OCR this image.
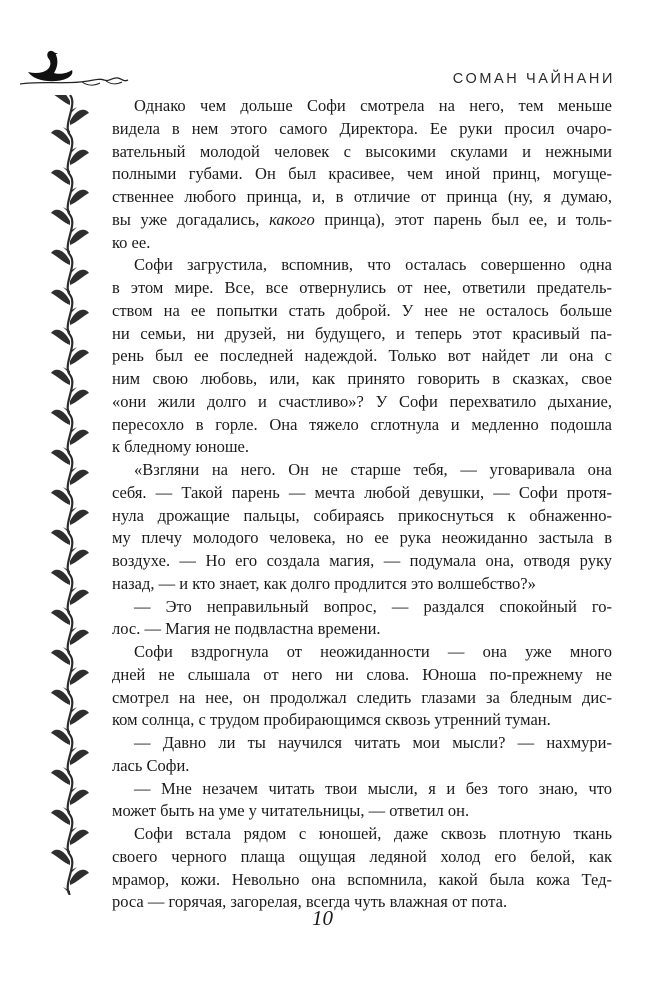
СОМАН ЧАЙНАНИ

Однако чем дольше Софи смотрела на него, тем меньше

видела в нем этого самого Директора. Ее руки просил очаро-

вательный молодой человек с высокими скулами и нежными

полными губами. Он был красивее, чем иной принц, могуще-

ственнее любого принца, и, в отличие от принца (ну, я думаю,

вы уже догадались, какого принца), этот парень был ее, и толь-

ко ее.

Софи загрустила, вспомнив, что осталась совершенно одна

в этом мире. Все, все отвернулись от нее, ответили предатель-

ством на ее попытки стать доброй. У нее не осталось больше

ни семьи, ни друзей, ни будущего, и теперь этот красивый па-

рень был ее последней надеждой. Только вот найдет ли она с

ним свою любовь, или, как принято говорить в сказках, свое

«они жили долго и счастливо»? У Софи перехватило дыхание,

пересохло в горле. Она тяжело сглотнула и медленно подошла

к бледному юноше.

«Взгляни на него. Он не старше тебя, — уговаривала она

себя. — Такой парень — мечта любой девушки, — Софи протя-

нула дрожащие пальцы, собираясь прикоснуться к обнаженно-

му плечу молодого человека, но ее рука неожиданно застыла в

воздухе. — Но его создала магия, — подумала она, отводя руку

назад, — и кто знает, как долго продлится это волшебство?»

— Это неправильный вопрос, — раздался спокойный го-

лос. — Магия не подвластна времени.

Софи вздрогнула от неожиданности — она уже много

дней не слышала от него ни слова. Юноша по-прежнему не

смотрел на нее, он продолжал следить глазами за бледным дис-

ком солнца, с трудом пробирающимся сквозь утренний туман.

— Давно ли ты научился читать мои мысли? — нахмури-

лась Софи.

— Мне незачем читать твои мысли, я и без того знаю, что

может быть на уме у читательницы, — ответил он.

Софи встала рядом с юношей, даже сквозь плотную ткань

своего черного плаща ощущая ледяной холод его белой, как

мрамор, кожи. Невольно она вспомнила, какой была кожа Тед-

роса — горячая, загорелая, всегда чуть влажная от пота.

10
